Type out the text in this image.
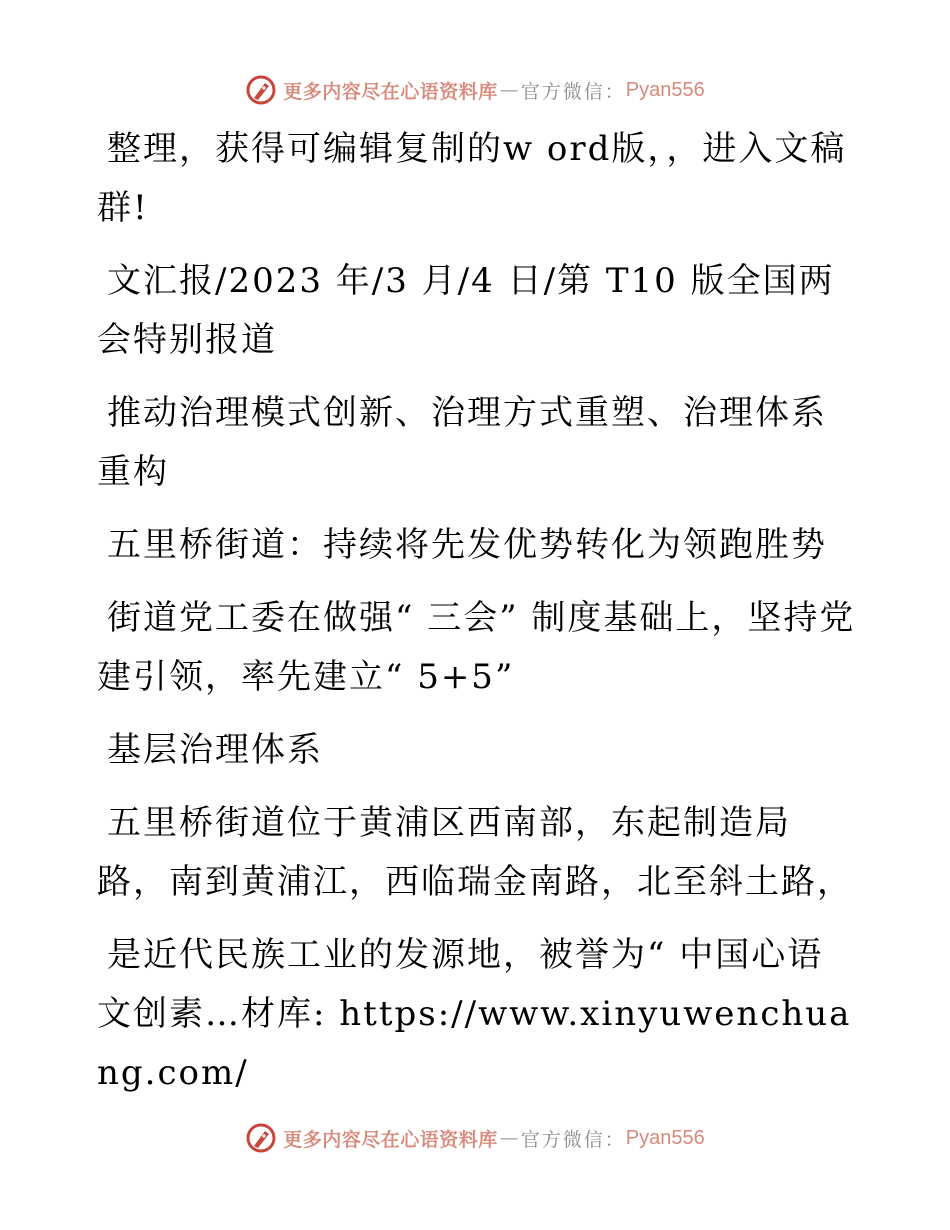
更多内容尽在心语资料库 — 官方微信： Pyan556

整理，获得可编辑复制的w ord版，，进入文稿群!

文汇报/2023 年/3 月/4 日/第 T10 版全国两会特别报道

推动治理模式创新、治理方式重塑、治理体系重构

五里桥街道：持续将先发优势转化为领跑胜势

街道党工委在做强“ 三会” 制度基础上，坚持党建引领，率先建立“ 5+5”

基层治理体系

五里桥街道位于黄浦区西南部，东起制造局路，南到黄浦江，西临瑞金南路，北至斜土路，

是近代民族工业的发源地，被誉为“ 中国心语文创素…材库: https://www.xinyuwenchuang.com/

更多内容尽在心语资料库 — 官方微信： Pyan556
